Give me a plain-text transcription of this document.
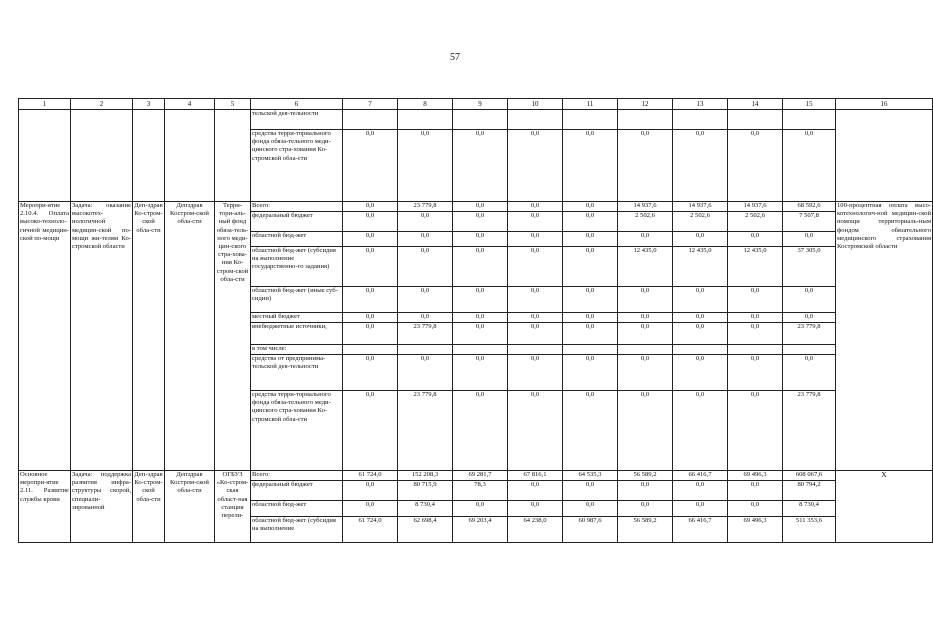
57
1	2	3	4	5	6	7	8	9	10	11	12	13	14	15	16
					тельской дея-тельности										
					средства терри-ториального фонда обяза-тельного меди-цинского стра-хования Ко-стромской обла-сти	0,0	0,0	0,0	0,0	0,0	0,0	0,0	0,0	0,0	
Меропри-ятие 2.10.4. Оплата высоко-техноло-гичной медицин-ской по-мощи	Задача: оказание высокотех-нологичной медицин-ской по-мощи жи-телям Ко-стромской области	Деп-здрав Ко-стром-ской обла-сти	Депздрав Костром-ской обла-сти	Терри-тори-аль-ный фонд обяза-тель-ного меди-цин-ского стра-хова-ния Ко-стром-ской обла-сти	Всего:	0,0	23 779,8	0,0	0,0	0,0	14 937,6	14 937,6	14 937,6	68 592,6	100-процентная оплата высо-котехнологич-ной медицин-ской помощи территориаль-ным фондом обязательного медицинского страхования Костромской области
					федеральный бюджет	0,0	0,0	0,0	0,0	0,0	2 502,6	2 502,6	2 502,6	7 507,8	
					областной бюд-жет	0,0	0,0	0,0	0,0	0,0	0,0	0,0	0,0	0,0	
					областной бюд-жет (субсидия на выполнение государственно-го задания)	0,0	0,0	0,0	0,0	0,0	12 435,0	12 435,0	12 435,0	37 305,0	
					областной бюд-жет (иные суб-сидии)	0,0	0,0	0,0	0,0	0,0	0,0	0,0	0,0	0,0	
					местный бюджет	0,0	0,0	0,0	0,0	0,0	0,0	0,0	0,0	0,0	
					внебюджетные источники,	0,0	23 779,8	0,0	0,0	0,0	0,0	0,0	0,0	23 779,8	
					в том числе:										
					средства от предпринима-тельской дея-тельности	0,0	0,0	0,0	0,0	0,0	0,0	0,0	0,0	0,0	
					средства терри-ториального фонда обяза-тельного меди-цинского стра-хования Ко-стромской обла-сти	0,0	23 779,8	0,0	0,0	0,0	0,0	0,0	0,0	23 779,8	
Основное меропри-ятие 2.11. Развитие службы крови	Задача: поддержка развития инфра-структуры скорой, специали-зированной	Деп-здрав Ко-стром-ской обла-сти	Депздрав Костром-ской обла-сти	ОГБУЗ «Ко-стром-ская област-ная станция перели-	Всего:	61 724,0	152 208,3	69 281,7	67 816,1	64 535,3	56 589,2	66 416,7	69 496,3	608 067,6	Х
					федеральный бюджет	0,0	80 715,9	78,3	0,0	0,0	0,0	0,0	0,0	80 794,2	
					областной бюд-жет	0,0	8 730,4	0,0	0,0	0,0	0,0	0,0	0,0	8 730,4	
					областной бюд-жет (субсидия на выполнение	61 724,0	62 698,4	69 203,4	64 238,0	60 987,6	56 589,2	66 416,7	69 496,3	511 353,6	
